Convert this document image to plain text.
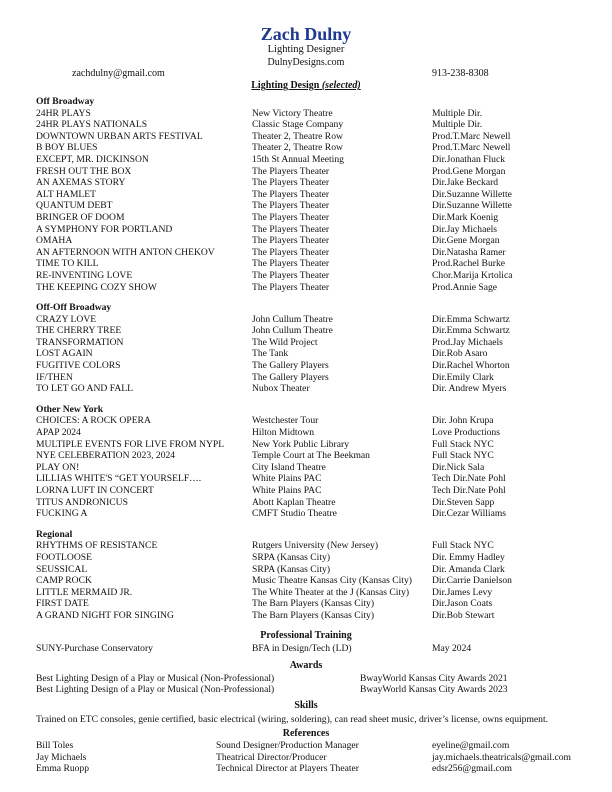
Zach Dulny
Lighting Designer
DulnyDesigns.com
zachdulny@gmail.com	913-238-8308
Lighting Design (selected)
Off Broadway
24HR PLAYS	New Victory Theatre	Multiple Dir.
24HR PLAYS NATIONALS	Classic Stage Company	Multiple Dir.
DOWNTOWN URBAN ARTS FESTIVAL	Theater 2, Theatre Row	Prod.T.Marc Newell
B BOY BLUES	Theater 2, Theatre Row	Prod.T.Marc Newell
EXCEPT, MR. DICKINSON	15th St Annual Meeting	Dir.Jonathan Fluck
FRESH OUT THE BOX	The Players Theater	Prod.Gene Morgan
AN AXEMAS STORY	The Players Theater	Dir.Jake Beckard
ALT HAMLET	The Players Theater	Dir.Suzanne Willette
QUANTUM DEBT	The Players Theater	Dir.Suzanne Willette
BRINGER OF DOOM	The Players Theater	Dir.Mark Koenig
A SYMPHONY FOR PORTLAND	The Players Theater	Dir.Jay Michaels
OMAHA	The Players Theater	Dir.Gene Morgan
AN AFTERNOON WITH ANTON CHEKOV	The Players Theater	Dir.Natasha Ramer
TIME TO KILL	The Players Theater	Prod.Rachel Burke
RE-INVENTING LOVE	The Players Theater	Chor.Marija Krtolica
THE KEEPING COZY SHOW	The Players Theater	Prod.Annie Sage
Off-Off Broadway
CRAZY LOVE	John Cullum Theatre	Dir.Emma Schwartz
THE CHERRY TREE	John Cullum Theatre	Dir.Emma Schwartz
TRANSFORMATION	The Wild Project	Prod.Jay Michaels
LOST AGAIN	The Tank	Dir.Rob Asaro
FUGITIVE COLORS	The Gallery Players	Dir.Rachel Whorton
IF/THEN	The Gallery Players	Dir.Emily Clark
TO LET GO AND FALL	Nubox Theater	Dir. Andrew Myers
Other New York
CHOICES: A ROCK OPERA	Westchester Tour	Dir. John Krupa
APAP 2024	Hilton Midtown	Love Productions
MULTIPLE EVENTS FOR LIVE FROM NYPL	New York Public Library	Full Stack NYC
NYE CELEBERATION 2023, 2024	Temple Court at The Beekman	Full Stack NYC
PLAY ON!	City Island Theatre	Dir.Nick Sala
LILLIAS WHITE'S “GET YOURSELF….	White Plains PAC	Tech Dir.Nate Pohl
LORNA LUFT IN CONCERT	White Plains PAC	Tech Dir.Nate Pohl
TITUS ANDRONICUS	Abott Kaplan Theatre	Dir.Steven Sapp
FUCKING A	CMFT Studio Theatre	Dir.Cezar Williams
Regional
RHYTHMS OF RESISTANCE	Rutgers University (New Jersey)	Full Stack NYC
FOOTLOOSE	SRPA (Kansas City)	Dir. Emmy Hadley
SEUSSICAL	SRPA (Kansas City)	Dir. Amanda Clark
CAMP ROCK	Music Theatre Kansas City (Kansas City)	Dir.Carrie Danielson
LITTLE MERMAID JR.	The White Theater at the J (Kansas City)	Dir.James Levy
FIRST DATE	The Barn Players (Kansas City)	Dir.Jason Coats
A GRAND NIGHT FOR SINGING	The Barn Players (Kansas City)	Dir.Bob Stewart
Professional Training
SUNY-Purchase Conservatory	BFA in Design/Tech (LD)	May 2024
Awards
Best Lighting Design of a Play or Musical (Non-Professional)	BwayWorld Kansas City Awards 2021
Best Lighting Design of a Play or Musical (Non-Professional)	BwayWorld Kansas City Awards 2023
Skills
Trained on ETC consoles, genie certified, basic electrical (wiring, soldering), can read sheet music, driver’s license, owns equipment.
References
Bill Toles	Sound Designer/Production Manager	eyeline@gmail.com
Jay Michaels	Theatrical Director/Producer	jay.michaels.theatricals@gmail.com
Emma Ruopp	Technical Director at Players Theater	edsr256@gmail.com
